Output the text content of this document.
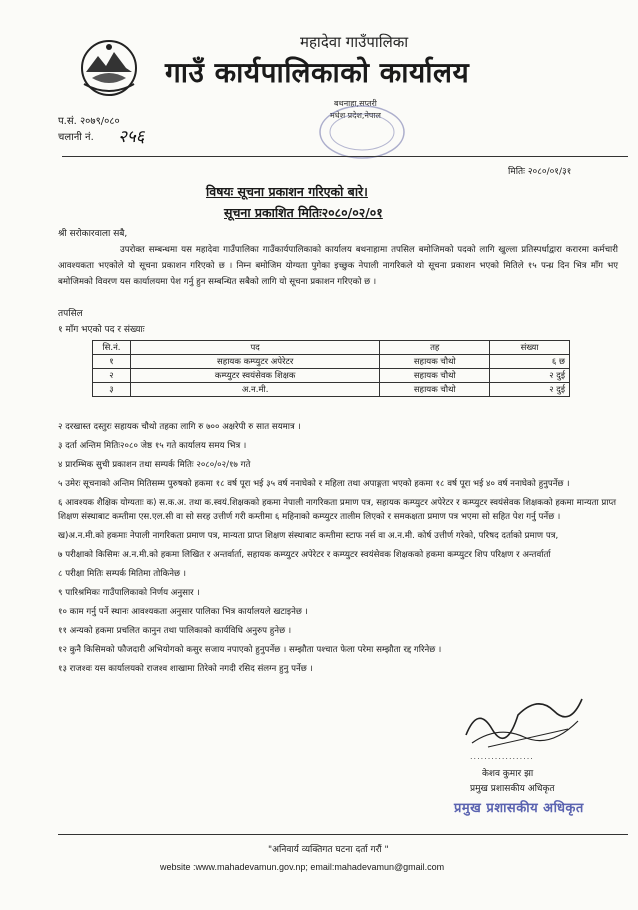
महादेवा गाउँपालिका
गाउँ कार्यपालिकाको कार्यालय
बथनाहा,सप्तरी
मधेश प्रदेश,नेपाल
प.सं. २०७९/०८०
चलानी नं. २५६
मितिः २०८०/०१/३१
विषयः सूचना प्रकाशन गरिएको बारे।
सूचना प्रकाशित मितिः२०८०/०२/०१
श्री सरोकारवाला सबै,
उपरोक्त सम्बन्धमा यस महादेवा गाउँपालिका गाउँकार्यपालिकाको कार्यालय बथनाहामा तपसिल बमोजिमको पदको लागि खुल्ला प्रतिस्पर्धाद्वारा करारमा कर्मचारी आवश्यकता भएकोले यो सूचना प्रकाशन गरिएको छ । निम्न बमोजिम योग्यता पुगेका इच्छुक नेपाली नागरिकले यो सूचना प्रकाशन भएको मितिले १५ पन्ध्र दिन भित्र माँग भए बमोजिमको विवरण यस कार्यालयमा पेश गर्नु हुन सम्बन्धित सबैको लागि यो सूचना प्रकाशन गरिएको छ ।
तपसिल
१ माँग भएको पद र संख्याः
सि.नं.	पद	तह	संख्या
१	सहायक कम्प्युटर अपेरेटर	सहायक चौथो	६ छ
२	कम्प्युटर स्वयंसेवक शिक्षक	सहायक चौथो	२ दुई
३	अ.न.मी.	सहायक चौथो	२ दुई

२ दरखास्त दस्तुरः सहायक चौथो तहका लागि रु ७०० अक्षरेपी रु सात सयमात्र ।

३ दर्ता अन्तिम मितिः२०८० जेष्ठ १५ गते कार्यालय समय भित्र ।

४ प्रारम्भिक सुची प्रकाशन तथा सम्पर्क मितिः २०८०/०२/१७ गते

५ उमेरः सूचनाको अन्तिम मितिसम्म पुरुषको हकमा १८ वर्ष पूरा भई ३५ वर्ष ननाघेको र महिला तथा अपाङ्गता भएको हकमा १८ वर्ष पूरा भई ४० वर्ष ननाघेको हुनुपर्नेछ ।

६ आवश्यक शैक्षिक योग्यताः क) स.क.अ. तथा क.स्वयं.शिक्षकको हकमा नेपाली नागरिकता प्रमाण पत्र, सहायक कम्प्युटर अपेरेटर र कम्प्युटर स्वयंसेवक शिक्षकको हकमा मान्यता प्राप्त शिक्षण संस्थाबाट कम्तीमा एस.एल.सी वा सो सरह उत्तीर्ण गरी कम्तीमा ६ महिनाको कम्प्युटर तालीम लिएको र समकक्षता प्रमाण पत्र भएमा सो सहित पेश गर्नु पर्नेछ ।

ख)अ.न.मी.को हकमाः नेपाली नागरिकता प्रमाण पत्र, मान्यता प्राप्त शिक्षण संस्थाबाट कम्तीमा स्टाफ नर्स वा अ.न.मी. कोर्ष उत्तीर्ण गरेको, परिषद दर्ताको प्रमाण पत्र,

७ परीक्षाको किसिमः अ.न.मी.को हकमा लिखित र अन्तर्वार्ता, सहायक कम्प्युटर अपेरेटर र कम्प्युटर स्वयंसेवक शिक्षकको हकमा कम्प्युटर शिप परिक्षण र अन्तर्वार्ता

८ परीक्षा मितिः सम्पर्क मितिमा तोकिनेछ ।

९ पारिश्रमिकः गाउँपालिकाको निर्णय अनुसार ।

१० काम गर्नु पर्ने स्थानः आवश्यकता अनुसार पालिका भित्र कार्यालयले खटाइनेछ ।

११ अन्यको हकमा प्रचलित कानुन तथा पालिकाको कार्यविधि अनुरुप हुनेछ ।

१२ कुनै किसिमको फौजदारी अभियोगको कसुर सजाय नपाएको हुनुपर्नेछ । सम्झौता पश्चात फेला परेमा सम्झौता रद्द गरिनेछ ।

१३ राजश्वः यस कार्यालयको राजश्व शाखामा तिरेको नगदी रसिद संलग्न हुनु पर्नेछ ।

..................
केशव कुमार झा
प्रमुख प्रशासकीय अधिकृत
प्रमुख प्रशासकीय अधिकृत
"अनिवार्य व्यक्तिगत घटना दर्ता गरौं "
website :www.mahadevamun.gov.np; email:mahadevamun@gmail.com
